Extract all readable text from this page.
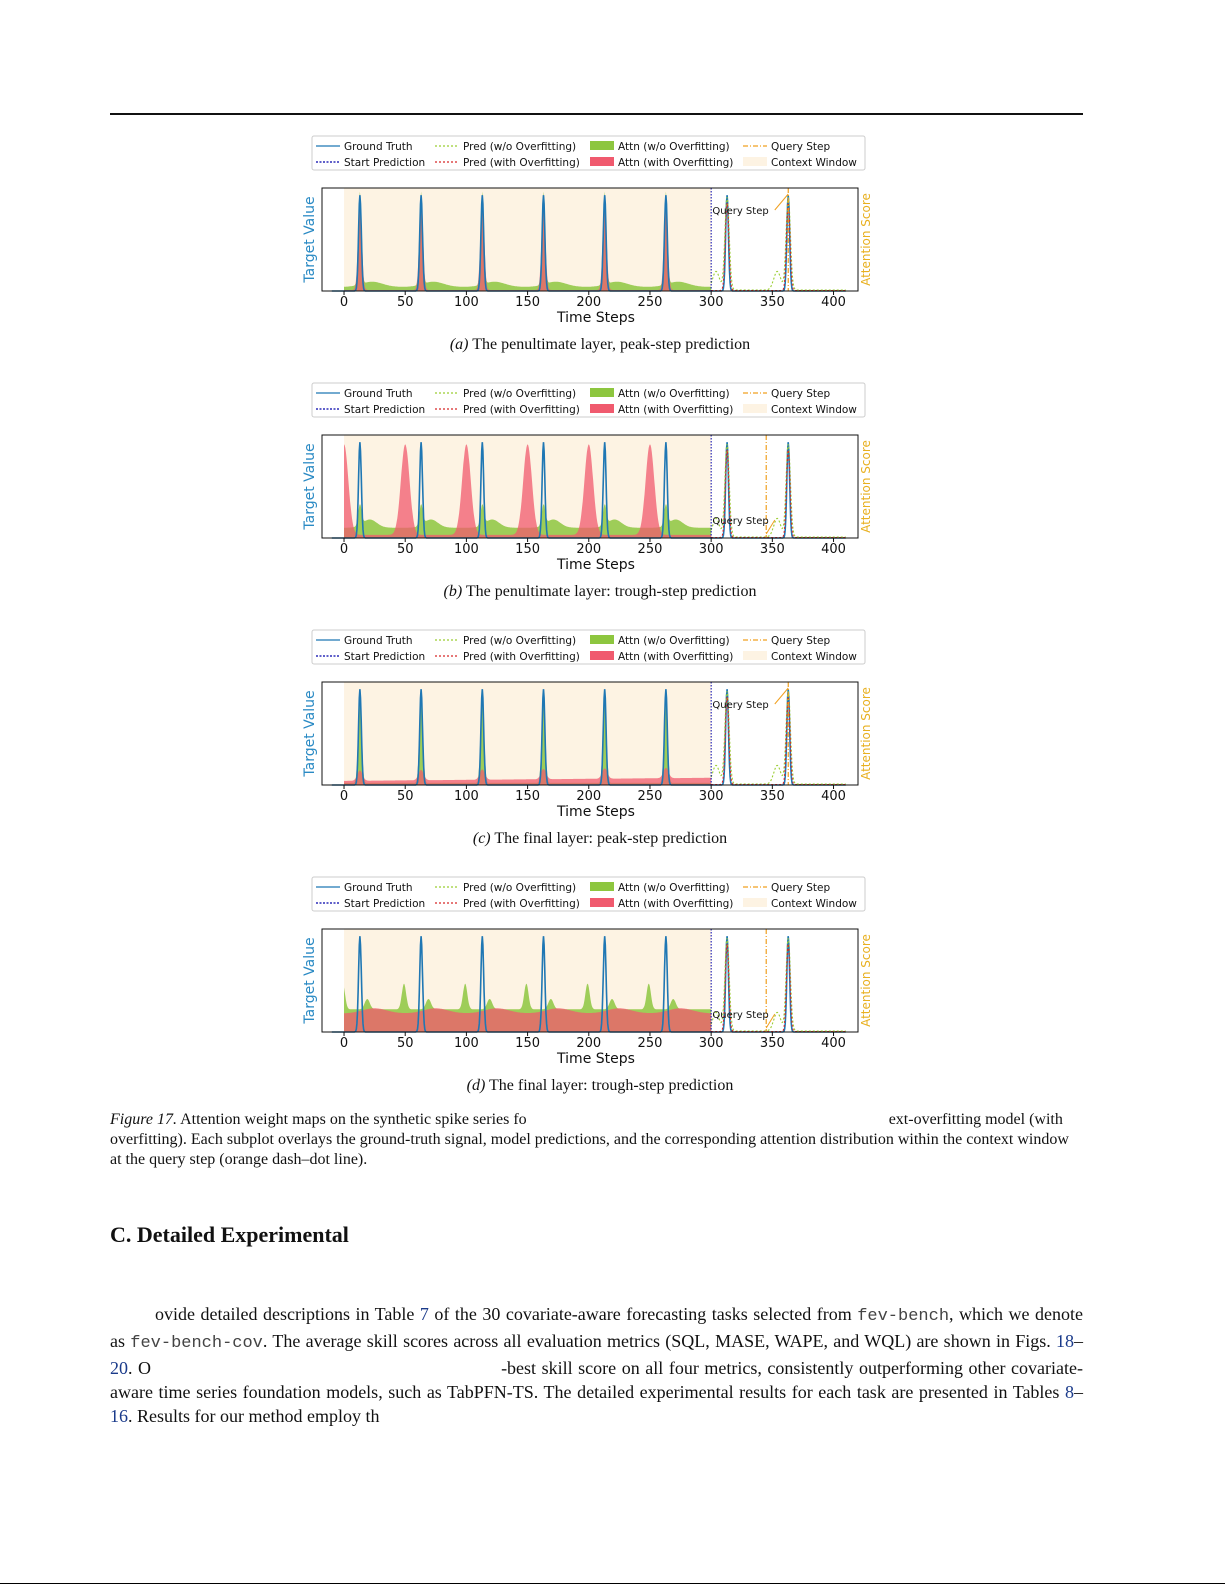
Ground Truth
Start Prediction
Pred (w/o Overfitting)
Pred (with Overfitting)
Attn (w/o Overfitting)
Attn (with Overfitting)
Query Step
Context Window
Query Step
0	50	100	150	200	250	300	350	400
Time Steps
Target Value	Attention Score
(a) The penultimate layer, peak-step prediction
Ground Truth
Start Prediction
Pred (w/o Overfitting)
Pred (with Overfitting)
Attn (w/o Overfitting)
Attn (with Overfitting)
Query Step
Context Window
Query Step
0	50	100	150	200	250	300	350	400
Time Steps
Target Value	Attention Score
(b) The penultimate layer: trough-step prediction
Ground Truth
Start Prediction
Pred (w/o Overfitting)
Pred (with Overfitting)
Attn (w/o Overfitting)
Attn (with Overfitting)
Query Step
Context Window
Query Step
0	50	100	150	200	250	300	350	400
Time Steps
Target Value	Attention Score
(c) The final layer: peak-step prediction
Ground Truth
Start Prediction
Pred (w/o Overfitting)
Pred (with Overfitting)
Attn (w/o Overfitting)
Attn (with Overfitting)
Query Step
Context Window
Query Step
0	50	100	150	200	250	300	350	400
Time Steps
Target Value	Attention Score
(d) The final layer: trough-step prediction
Figure 17. Attention weight maps on the synthetic spike series fo	ext-overfitting model (with overfitting). Each subplot overlays the ground-truth signal, model predictions, and the corresponding attention distribution within the context window at the query step (orange dash–dot line).
C. Detailed Experimental
ovide detailed descriptions in Table 7 of the 30 covariate-aware forecasting tasks selected from fev-bench, which we denote as fev-bench-cov. The average skill scores across all evaluation metrics (SQL, MASE, WAPE, and WQL) are shown in Figs. 18–20. O	-best skill score on all four metrics, consistently outperforming other covariate-aware time series foundation models, such as TabPFN-TS. The detailed experimental results for each task are presented in Tables 8–16. Results for our method employ th
